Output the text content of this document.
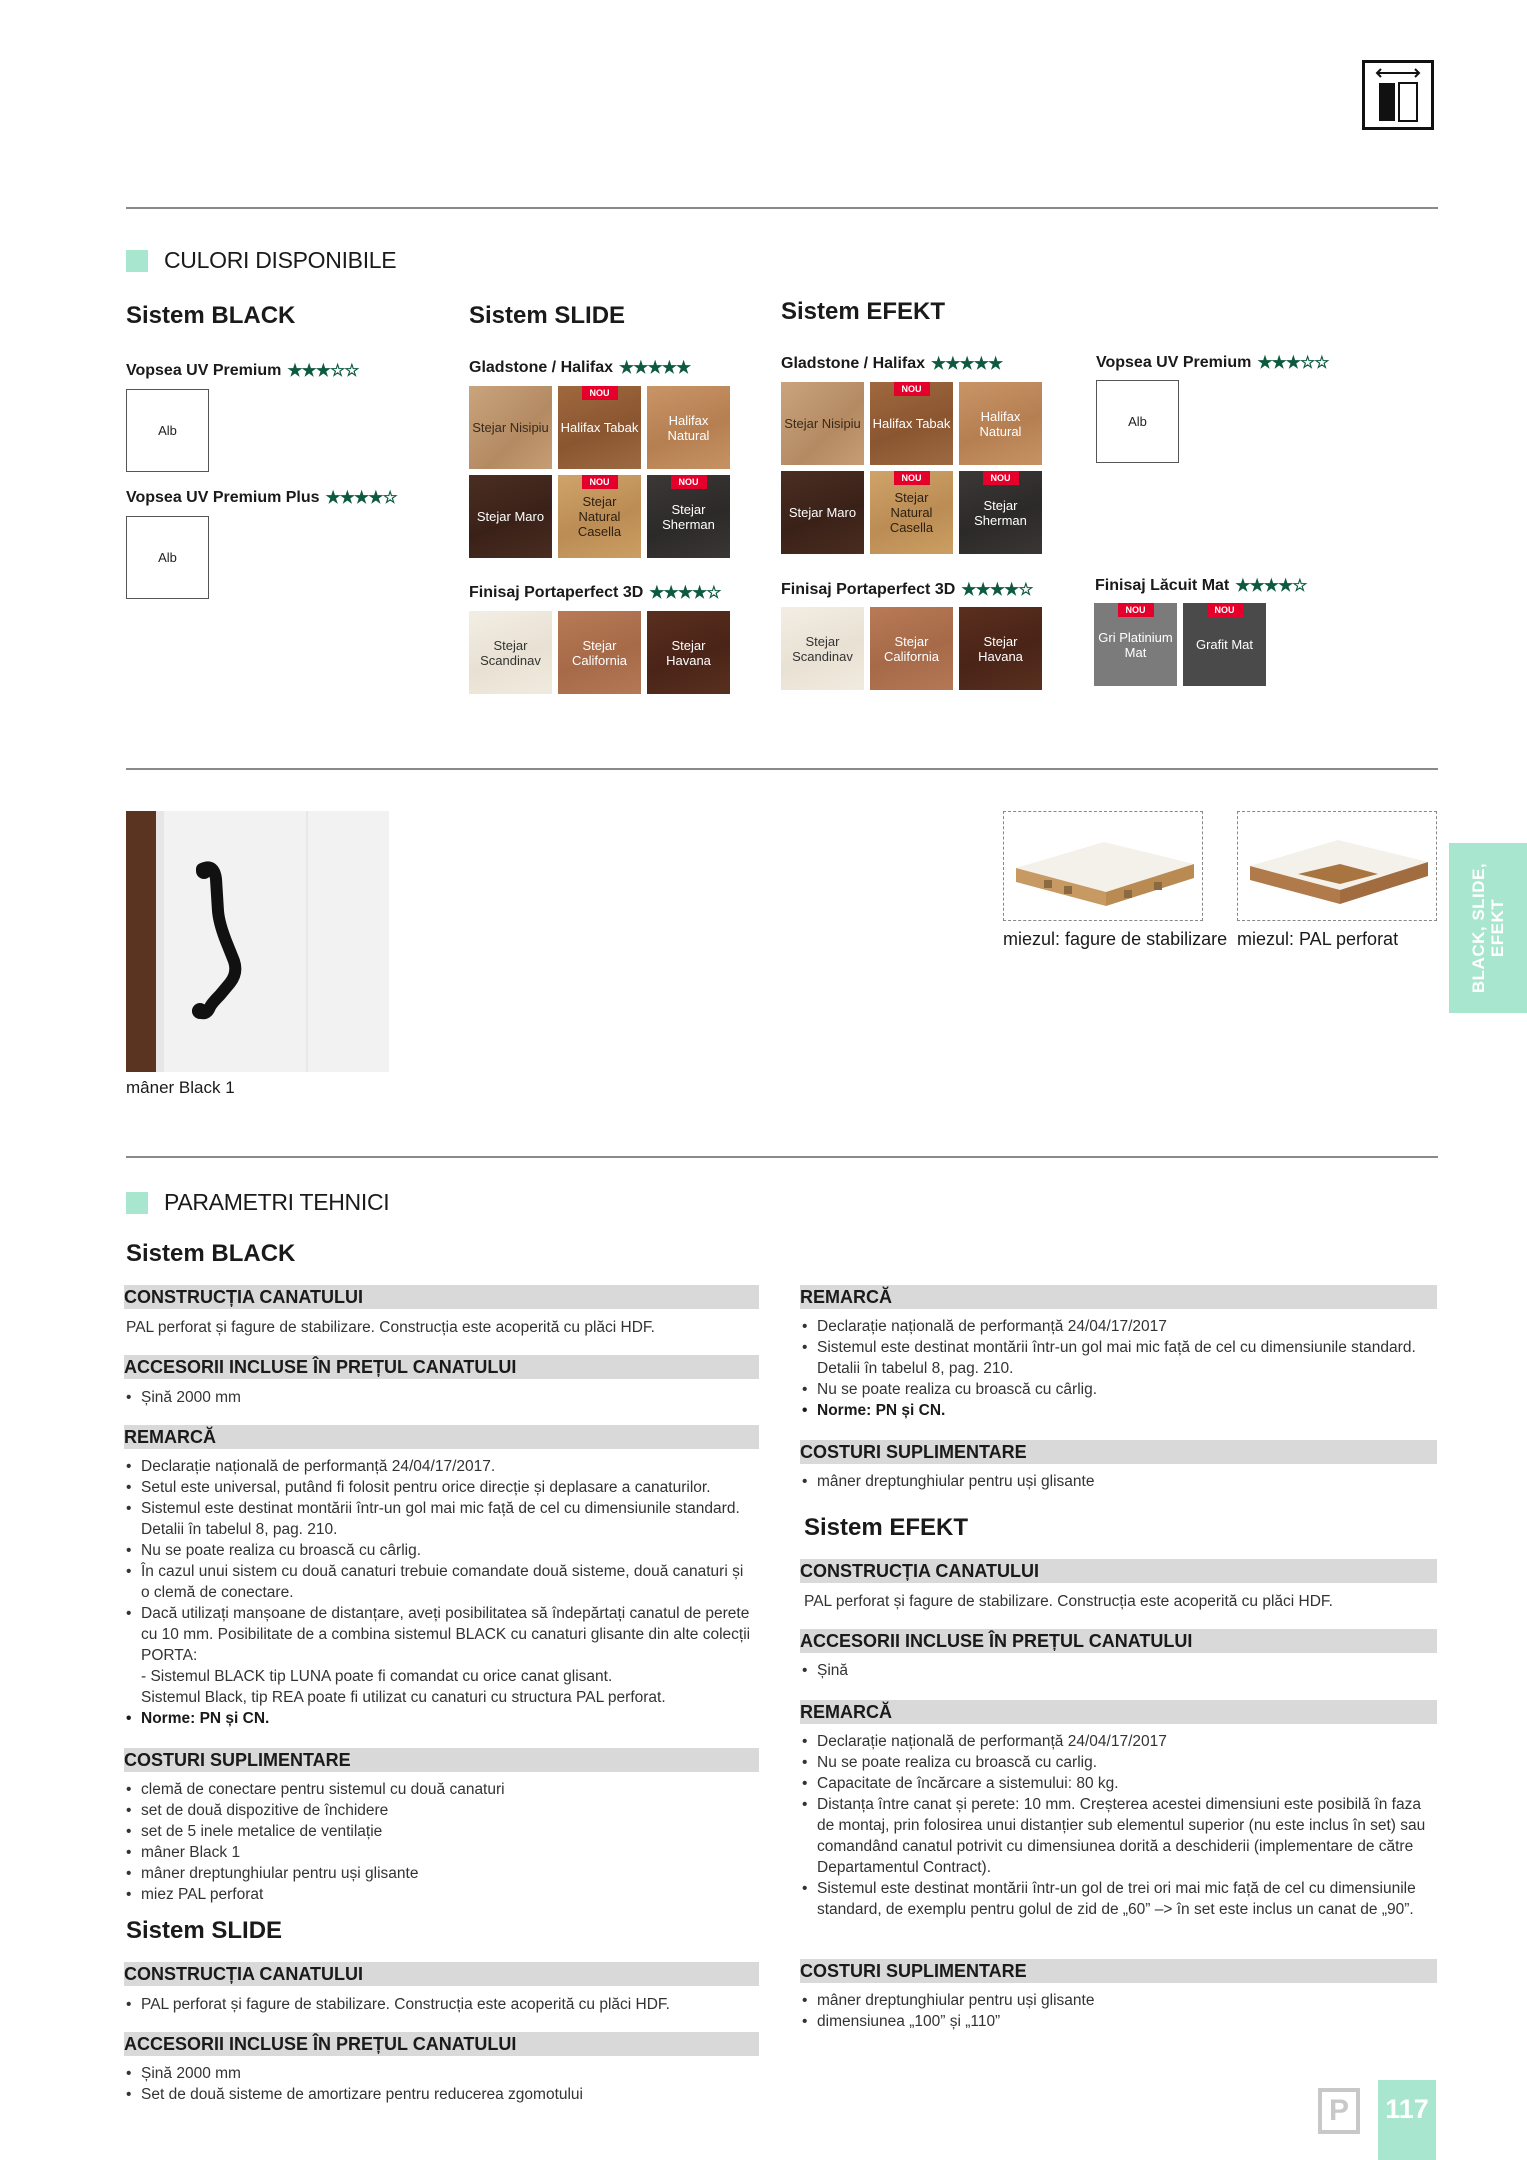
CULORI DISPONIBILE
Sistem BLACK
Vopsea UV Premium ★★★☆☆
Alb
Vopsea UV Premium Plus ★★★★☆
Alb
Sistem SLIDE
Gladstone / Halifax ★★★★★
Stejar Nisipiu
NOU
Halifax Tabak	Halifax Natural
Stejar Maro
NOU
Stejar Natural Casella
NOU
Stejar Sherman
Finisaj Portaperfect 3D ★★★★☆
Stejar Scandinav
Stejar California
Stejar Havana
Sistem EFEKT
Gladstone / Halifax ★★★★★
Stejar Nisipiu
NOU
Halifax Tabak	Halifax Natural
Stejar Maro
NOU
Stejar Natural Casella
NOU
Stejar Sherman
Finisaj Portaperfect 3D ★★★★☆
Stejar Scandinav
Stejar California
Stejar Havana
Vopsea UV Premium ★★★☆☆
Alb
Finisaj Lăcuit Mat ★★★★☆
NOU
Gri Platinium Mat
NOU
Grafit Mat
mâner Black 1
miezul: fagure de stabilizare miezul: PAL perforat	BLACK, SLIDE, EFEKT
PARAMETRI TEHNICI
Sistem BLACK
CONSTRUCȚIA CANATULUI
PAL perforat și fagure de stabilizare. Construcția este acoperită cu plăci HDF.
ACCESORII INCLUSE ÎN PREȚUL CANATULUI
• Șină 2000 mm
REMARCĂ
• Declarație națională de performanță 24/04/17/2017.
• Setul este universal, putând fi folosit pentru orice direcție și deplasare a canaturilor.
• Sistemul este destinat montării într-un gol mai mic față de cel cu dimensiunile standard. Detalii în tabelul 8, pag. 210.
• Nu se poate realiza cu broască cu cârlig.
• În cazul unui sistem cu două canaturi trebuie comandate două sisteme, două canaturi și o clemă de conectare.
• Dacă utilizați manșoane de distanțare, aveți posibilitatea să îndepărtați canatul de perete cu 10 mm. Posibilitate de a combina sistemul BLACK cu canaturi glisante din alte colecții PORTA:
- Sistemul BLACK tip LUNA poate fi comandat cu orice canat glisant.
Sistemul Black, tip REA poate fi utilizat cu canaturi cu structura PAL perforat.
• Norme: PN și CN.
COSTURI SUPLIMENTARE
• clemă de conectare pentru sistemul cu două canaturi
• set de două dispozitive de închidere
• set de 5 inele metalice de ventilație
• mâner Black 1
• mâner dreptunghiular pentru uși glisante
• miez PAL perforat
Sistem SLIDE
CONSTRUCȚIA CANATULUI
• PAL perforat și fagure de stabilizare. Construcția este acoperită cu plăci HDF.
ACCESORII INCLUSE ÎN PREȚUL CANATULUI
• Șină 2000 mm
• Set de două sisteme de amortizare pentru reducerea zgomotului
REMARCĂ
• Declarație națională de performanță 24/04/17/2017
• Sistemul este destinat montării într-un gol mai mic față de cel cu dimensiunile standard. Detalii în tabelul 8, pag. 210.
• Nu se poate realiza cu broască cu cârlig.
• Norme: PN și CN.
COSTURI SUPLIMENTARE
• mâner dreptunghiular pentru uși glisante
Sistem EFEKT
CONSTRUCȚIA CANATULUI
PAL perforat și fagure de stabilizare. Construcția este acoperită cu plăci HDF.
ACCESORII INCLUSE ÎN PREȚUL CANATULUI
• Șină
REMARCĂ
• Declarație națională de performanță 24/04/17/2017
• Nu se poate realiza cu broască cu carlig.
• Capacitate de încărcare a sistemului: 80 kg.
• Distanța între canat și perete: 10 mm. Creșterea acestei dimensiuni este posibilă în faza de montaj, prin folosirea unui distanțier sub elementul superior (nu este inclus în set) sau comandând canatul potrivit cu dimensiunea dorită a deschiderii (implementare de către Departamentul Contract).
• Sistemul este destinat montării într-un gol de trei ori mai mic față de cel cu dimensiunile standard, de exemplu pentru golul de zid de „60” –> în set este inclus un canat de „90”.
COSTURI SUPLIMENTARE
• mâner dreptunghiular pentru uși glisante
• dimensiunea „100” și „110”
P	117
